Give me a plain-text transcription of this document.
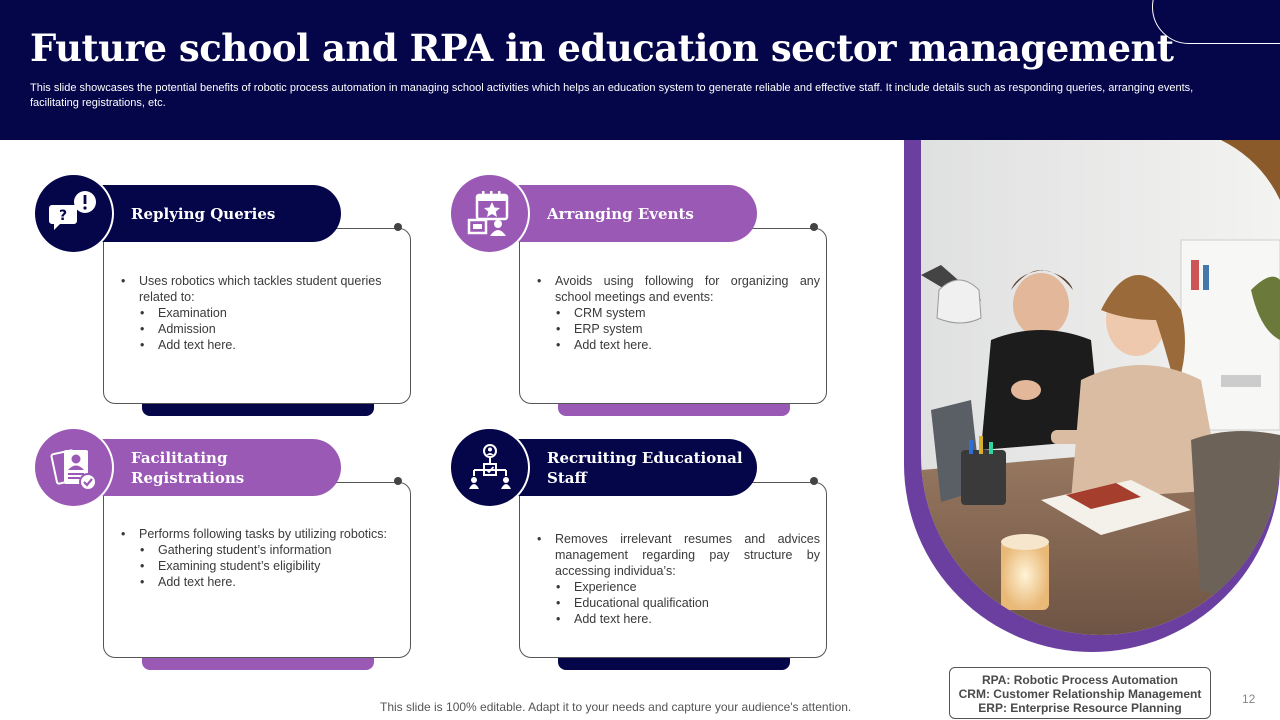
Future school and RPA in education sector management
This slide showcases the potential benefits of robotic process automation in managing school activities which helps an education system to generate reliable and effective staff. It include details such as responding queries, arranging events, facilitating registrations, etc.
?	Replying Queries
• Uses robotics which tackles student queries related to:
• Examination
• Admission
• Add text here.
Arranging Events
• Avoids using following for organizing any school meetings and events:
• CRM system
• ERP system
• Add text here.
Facilitating Registrations
• Performs following tasks by utilizing robotics:
• Gathering student’s information
• Examining student’s eligibility
• Add text here.
Recruiting Educational Staff
• Removes irrelevant resumes and advices management regarding pay structure by accessing individua’s:
• Experience
• Educational qualification
• Add text here.
RPA: Robotic Process Automation
CRM: Customer Relationship Management
ERP: Enterprise Resource Planning
This slide is 100% editable. Adapt it to your needs and capture your audience's attention.
12
